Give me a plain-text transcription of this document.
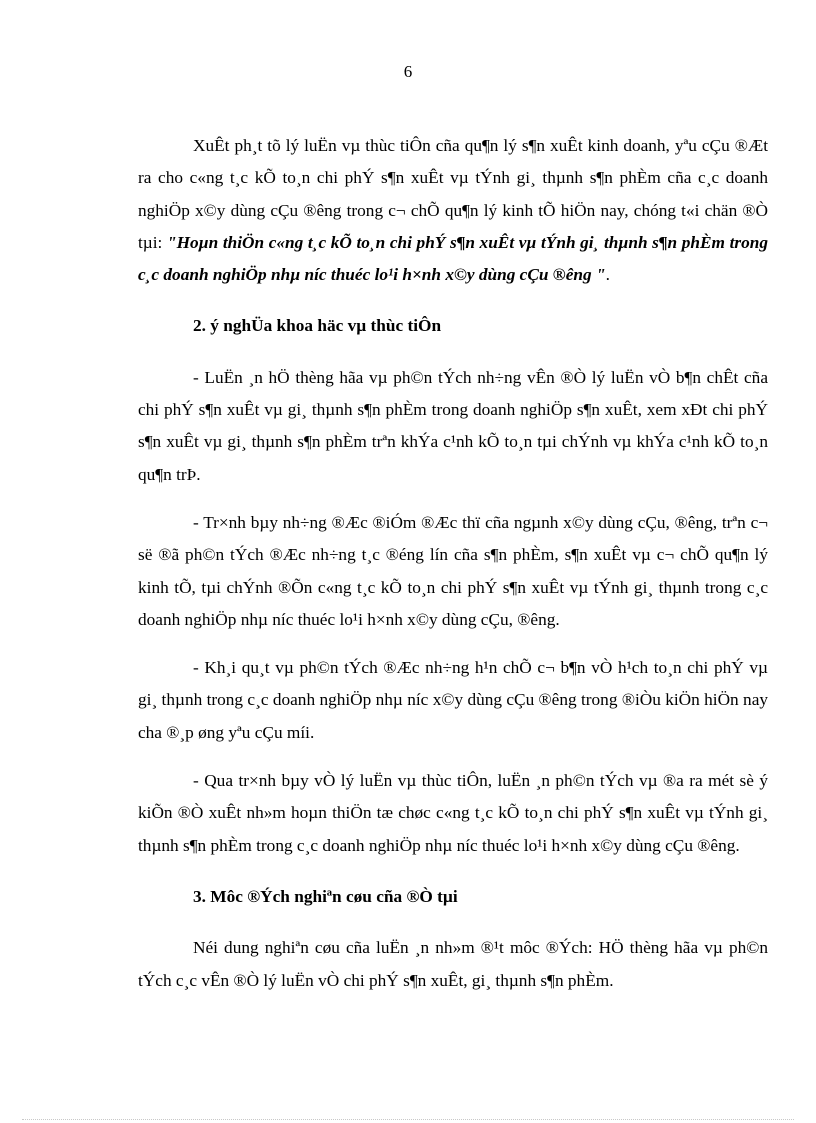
6

XuÊt ph¸t tõ lý luËn vµ thùc tiÔn cña qu¶n lý s¶n xuÊt kinh doanh, yªu cÇu ®Æt ra cho c«ng t¸c kÕ to¸n chi phÝ s¶n xuÊt vµ tÝnh gi¸ thµnh s¶n phÈm cña c¸c doanh nghiÖp x©y dùng cÇu ®êng trong c¬ chÕ qu¶n lý kinh tÕ hiÖn nay, chóng t«i chän ®Ò tµi: "Hoµn thiÖn c«ng t¸c kÕ to¸n chi phÝ s¶n xuÊt vµ tÝnh gi¸ thµnh s¶n phÈm trong c¸c doanh nghiÖp nhµ níc thuéc lo¹i h×nh x©y dùng cÇu ®êng ".

2. ý nghÜa khoa häc vµ thùc tiÔn

- LuËn ¸n hÖ thèng hãa vµ ph©n tÝch nh÷ng vÊn ®Ò lý luËn vÒ b¶n chÊt cña chi phÝ s¶n xuÊt vµ gi¸ thµnh s¶n phÈm trong doanh nghiÖp s¶n xuÊt, xem xÐt chi phÝ s¶n xuÊt vµ gi¸ thµnh s¶n phÈm trªn khÝa c¹nh kÕ to¸n tµi chÝnh vµ khÝa c¹nh kÕ to¸n qu¶n trÞ.

- Tr×nh bµy nh÷ng ®Æc ®iÓm ®Æc thï cña ngµnh x©y dùng cÇu, ®êng, trªn c¬ së ®ã ph©n tÝch ®Æc nh÷ng t¸c ®éng lín cña s¶n phÈm, s¶n xuÊt vµ c¬ chÕ qu¶n lý kinh tÕ, tµi chÝnh ®Õn c«ng t¸c kÕ to¸n chi phÝ s¶n xuÊt vµ tÝnh gi¸ thµnh trong c¸c doanh nghiÖp nhµ níc thuéc lo¹i h×nh x©y dùng cÇu, ®êng.

- Kh¸i qu¸t vµ ph©n tÝch ®Æc nh÷ng h¹n chÕ c¬ b¶n vÒ h¹ch to¸n chi phÝ vµ gi¸ thµnh trong c¸c doanh nghiÖp nhµ níc x©y dùng cÇu ®êng trong ®iÒu kiÖn hiÖn nay cha ®¸p øng yªu cÇu míi.

- Qua tr×nh bµy vÒ lý luËn vµ thùc tiÔn, luËn ¸n ph©n tÝch vµ ®a ra mét sè ý kiÕn ®Ò xuÊt nh»m hoµn thiÖn tæ chøc c«ng t¸c kÕ to¸n chi phÝ s¶n xuÊt vµ tÝnh gi¸ thµnh s¶n phÈm trong c¸c doanh nghiÖp nhµ níc thuéc lo¹i h×nh x©y dùng cÇu ®êng.

3. Môc ®Ých nghiªn cøu cña ®Ò tµi

Néi dung nghiªn cøu cña luËn ¸n nh»m ®¹t môc ®Ých: HÖ thèng hãa vµ ph©n tÝch c¸c vÊn ®Ò lý luËn vÒ chi phÝ s¶n xuÊt, gi¸ thµnh s¶n phÈm.
